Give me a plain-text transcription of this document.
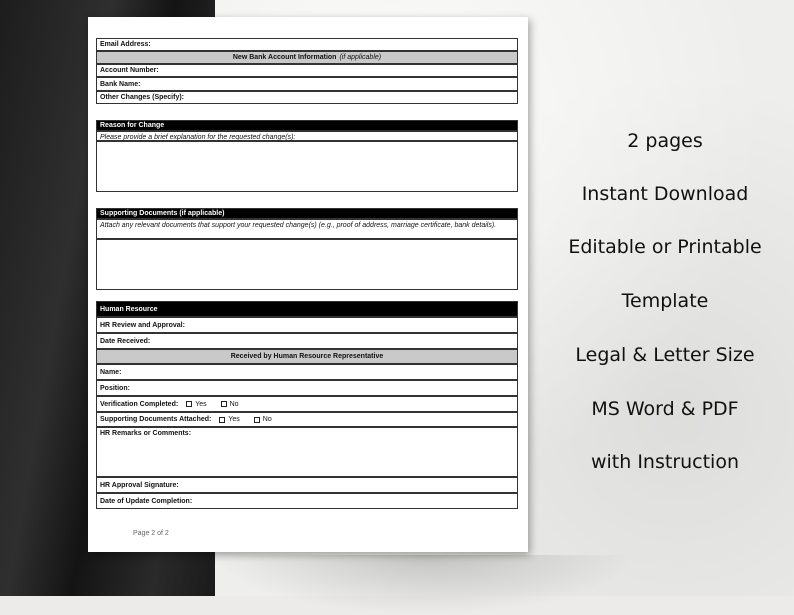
Email Address:
New Bank Account Information (if applicable)
Account Number:
Bank Name:
Other Changes (Specify):
Reason for Change
Please provide a brief explanation for the requested change(s):
Supporting Documents (if applicable)
Attach any relevant documents that support your requested change(s) (e.g., proof of address, marriage certificate, bank details).
Human Resource
HR Review and Approval:
Date Received:
Received by Human Resource Representative
Name:
Position:
Verification Completed: Yes	No
Supporting Documents Attached: Yes	No
HR Remarks or Comments:
HR Approval Signature:
Date of Update Completion:
Page 2 of 2
2 pages
Instant Download
Editable or Printable
Template
Legal & Letter Size
MS Word & PDF
with Instruction
